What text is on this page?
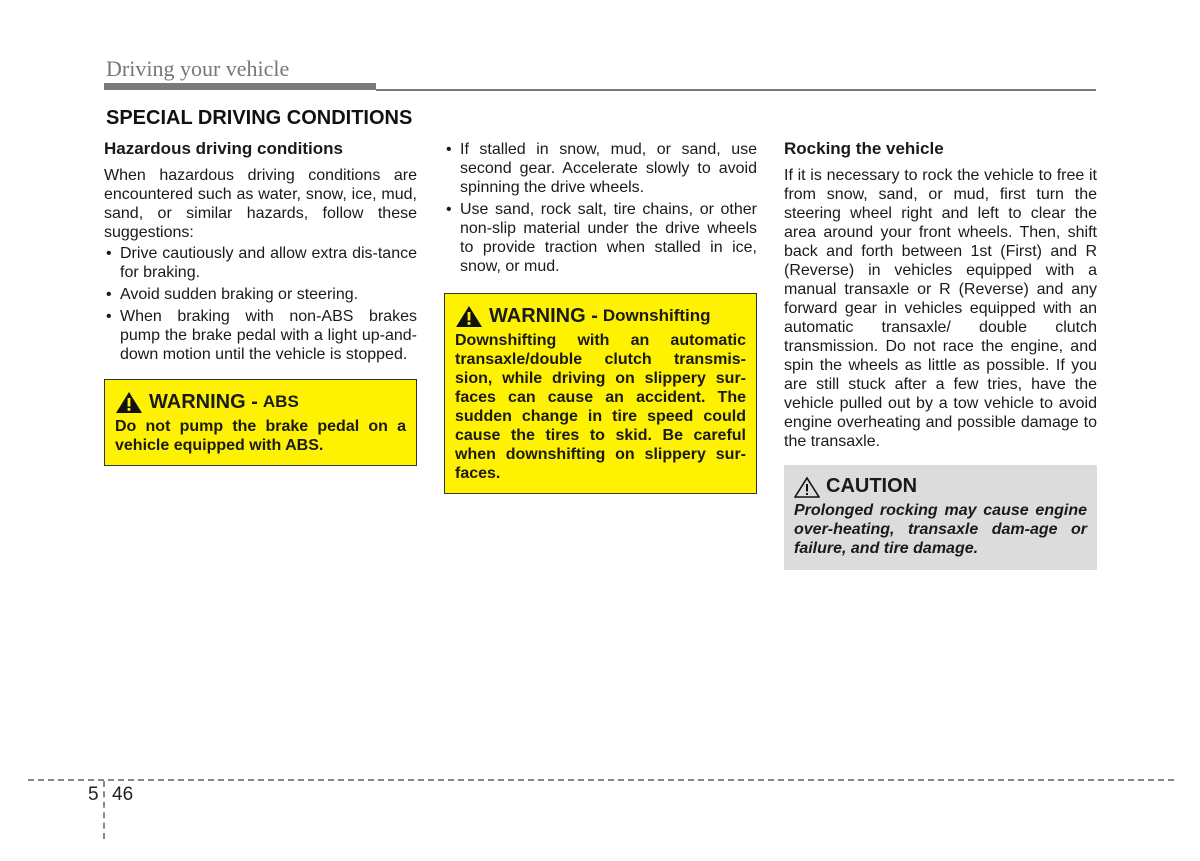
Driving your vehicle
SPECIAL DRIVING CONDITIONS
Hazardous driving conditions

When hazardous driving conditions are encountered such as water, snow, ice, mud, sand, or similar hazards, follow these suggestions:

• Drive cautiously and allow extra dis-tance for braking.
• Avoid sudden braking or steering.
• When braking with non-ABS brakes pump the brake pedal with a light up-and-down motion until the vehicle is stopped.
WARNING - ABS

Do not pump the brake pedal on a vehicle equipped with ABS.

• If stalled in snow, mud, or sand, use second gear. Accelerate slowly to avoid spinning the drive wheels.
• Use sand, rock salt, tire chains, or other non-slip material under the drive wheels to provide traction when stalled in ice, snow, or mud.
WARNING - Downshifting

Downshifting with an automatic transaxle/double clutch transmis-sion, while driving on slippery sur-faces can cause an accident. The sudden change in tire speed could cause the tires to skid. Be careful when downshifting on slippery sur-faces.

Rocking the vehicle

If it is necessary to rock the vehicle to free it from snow, sand, or mud, first turn the steering wheel right and left to clear the area around your front wheels. Then, shift back and forth between 1st (First) and R (Reverse) in vehicles equipped with a manual transaxle or R (Reverse) and any forward gear in vehicles equipped with an automatic transaxle/ double clutch transmission. Do not race the engine, and spin the wheels as little as possible. If you are still stuck after a few tries, have the vehicle pulled out by a tow vehicle to avoid engine overheating and possible damage to the transaxle.

CAUTION

Prolonged rocking may cause engine over-heating, transaxle dam-age or failure, and tire damage.

5 46
